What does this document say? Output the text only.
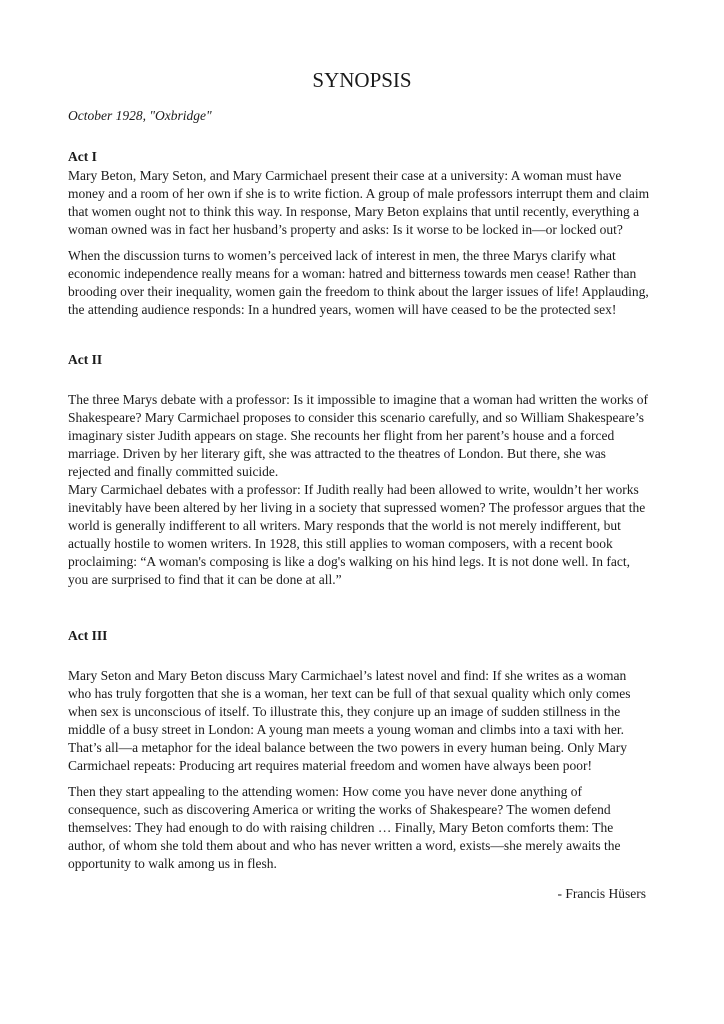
SYNOPSIS
October 1928, "Oxbridge"
Act I
Mary Beton, Mary Seton, and Mary Carmichael present their case at a university: A woman must have
money and a room of her own if she is to write fiction. A group of male professors interrupt them and claim
that women ought not to think this way. In response, Mary Beton explains that until recently, everything a
woman owned was in fact her husband’s property and asks: Is it worse to be locked in—or locked out?
When the discussion turns to women’s perceived lack of interest in men, the three Marys clarify what
economic independence really means for a woman: hatred and bitterness towards men cease! Rather than
brooding over their inequality, women gain the freedom to think about the larger issues of life! Applauding,
the attending audience responds: In a hundred years, women will have ceased to be the protected sex!
Act II
The three Marys debate with a professor: Is it impossible to imagine that a woman had written the works of
Shakespeare? Mary Carmichael proposes to consider this scenario carefully, and so William Shakespeare’s
imaginary sister Judith appears on stage. She recounts her flight from her parent’s house and a forced
marriage. Driven by her literary gift, she was attracted to the theatres of London. But there, she was
rejected and finally committed suicide.
Mary Carmichael debates with a professor: If Judith really had been allowed to write, wouldn’t her works
inevitably have been altered by her living in a society that supressed women? The professor argues that the
world is generally indifferent to all writers. Mary responds that the world is not merely indifferent, but
actually hostile to women writers. In 1928, this still applies to woman composers, with a recent book
proclaiming: “A woman's composing is like a dog's walking on his hind legs. It is not done well. In fact,
you are surprised to find that it can be done at all.”
Act III
Mary Seton and Mary Beton discuss Mary Carmichael’s latest novel and find: If she writes as a woman
who has truly forgotten that she is a woman, her text can be full of that sexual quality which only comes
when sex is unconscious of itself. To illustrate this, they conjure up an image of sudden stillness in the
middle of a busy street in London: A young man meets a young woman and climbs into a taxi with her.
That’s all—a metaphor for the ideal balance between the two powers in every human being. Only Mary
Carmichael repeats: Producing art requires material freedom and women have always been poor!
Then they start appealing to the attending women: How come you have never done anything of
consequence, such as discovering America or writing the works of Shakespeare? The women defend
themselves: They had enough to do with raising children … Finally, Mary Beton comforts them: The
author, of whom she told them about and who has never written a word, exists—she merely awaits the
opportunity to walk among us in flesh.
- Francis Hüsers
